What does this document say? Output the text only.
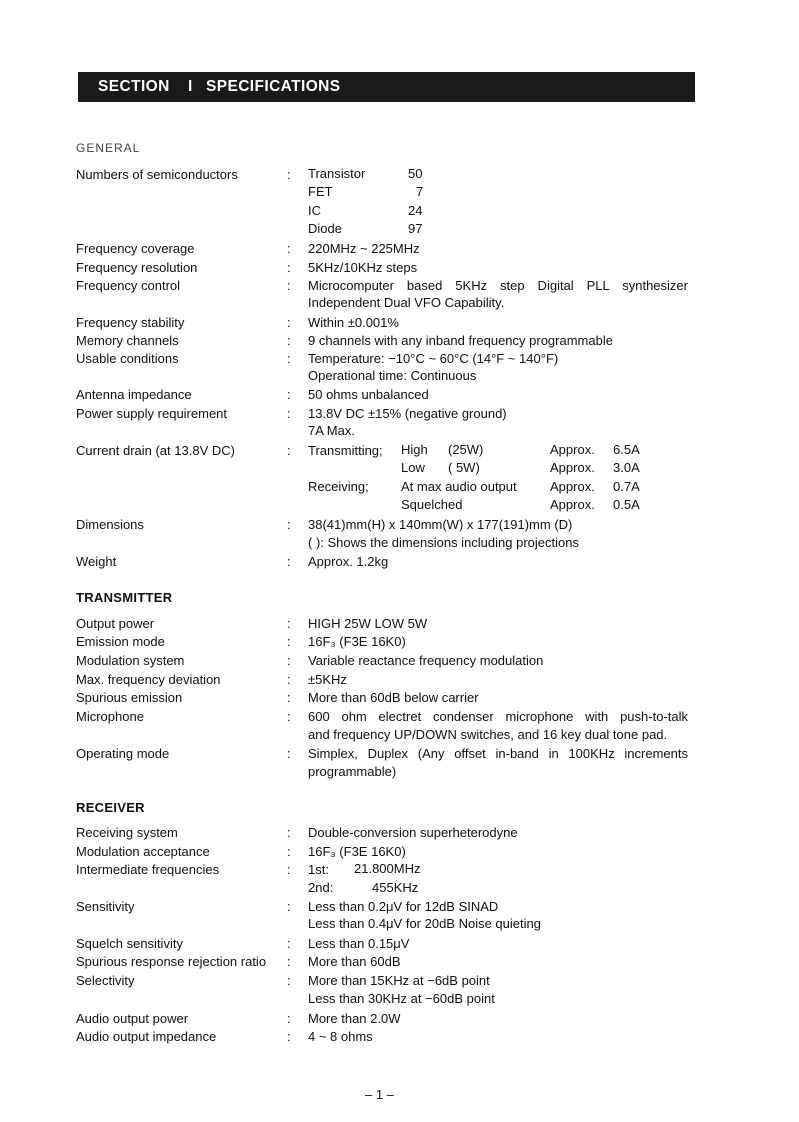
SECTION I SPECIFICATIONS
GENERAL
Numbers of semiconductors	: Transistor	50
FET	7
IC	24
Diode	97
Frequency coverage	: 220MHz ~ 225MHz
Frequency resolution	: 5KHz/10KHz steps
Frequency control	: Microcomputer based 5KHz step Digital PLL synthesizer
Independent Dual VFO Capability.
Frequency stability	: Within ±0.001%
Memory channels	: 9 channels with any inband frequency programmable
Usable conditions	: Temperature: −10°C ~ 60°C (14°F ~ 140°F)
Operational time: Continuous
Antenna impedance	: 50 ohms unbalanced
Power supply requirement	: 13.8V DC ±15% (negative ground)
7A Max.
Current drain (at 13.8V DC)	: Transmitting; High (25W)	Approx. 6.5A
Low ( 5W)	Approx. 3.0A
Receiving; At max audio output	Approx. 0.7A
Squelched	Approx. 0.5A
Dimensions	: 38(41)mm(H) x 140mm(W) x 177(191)mm (D)
( ): Shows the dimensions including projections
Weight	: Approx. 1.2kg
TRANSMITTER
Output power	: HIGH 25W LOW 5W
Emission mode	: 16F₃ (F3E 16K0)
Modulation system	: Variable reactance frequency modulation
Max. frequency deviation	: ±5KHz
Spurious emission	: More than 60dB below carrier
Microphone	: 600 ohm electret condenser microphone with push-to-talk
and frequency UP/DOWN switches, and 16 key dual tone pad.
Operating mode	: Simplex, Duplex (Any offset in-band in 100KHz increments
programmable)
RECEIVER
Receiving system	: Double-conversion superheterodyne
Modulation acceptance	: 16F₃ (F3E 16K0)
Intermediate frequencies	: 1st: 21.800MHz
2nd:	455KHz
Sensitivity	: Less than 0.2μV for 12dB SINAD
Less than 0.4μV for 20dB Noise quieting
Squelch sensitivity	: Less than 0.15μV
Spurious response rejection ratio : More than 60dB
Selectivity	: More than 15KHz at −6dB point
Less than 30KHz at −60dB point
Audio output power	: More than 2.0W
Audio output impedance	: 4 ~ 8 ohms
– 1 –
